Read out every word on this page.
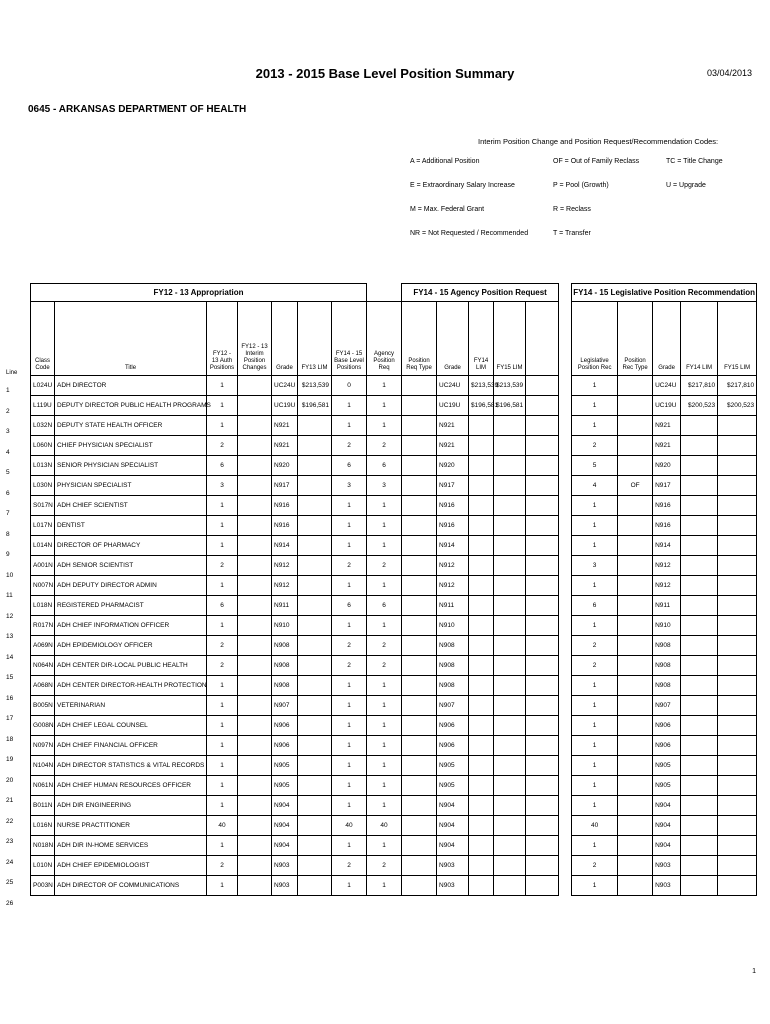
2013 - 2015 Base Level Position Summary	03/04/2013
0645 - ARKANSAS DEPARTMENT OF HEALTH
Interim Position Change and Position Request/Recommendation Codes:
A = Additional Position	OF = Out of Family Reclass	TC = Title Change
E = Extraordinary Salary Increase	P = Pool (Growth)	U = Upgrade
M = Max. Federal Grant	R = Reclass
NR = Not Requested / Recommended	T = Transfer
Line
FY12 - 13 Appropriation								FY14 - 15 Agency Position Request						FY14 - 15 Legislative Position Recommendation				
Class Code	Title	FY12 - 13 Auth Positions	FY12 - 13 Interim Position Changes	Grade	FY13 LIM	FY14 - 15 Base Level Positions	Agency Position Req	Position Req Type	Grade	FY14 LIM	FY15 LIM			Legislative Position Rec	Position Rec Type	Grade	FY14 LIM	FY15 LIM
L024U	ADH DIRECTOR	1		UC24U	$213,539	0	1		UC24U	$213,539	$213,539			1		UC24U	$217,810	$217,810
L119U	DEPUTY DIRECTOR PUBLIC HEALTH PROGRAMS	1		UC19U	$196,581	1	1		UC19U	$196,581	$196,581			1		UC19U	$200,523	$200,523
L032N	DEPUTY STATE HEALTH OFFICER	1		N921		1	1		N921					1		N921		
L060N	CHIEF PHYSICIAN SPECIALIST	2		N921		2	2		N921					2		N921		
L013N	SENIOR PHYSICIAN SPECIALIST	6		N920		6	6		N920					5		N920		
L030N	PHYSICIAN SPECIALIST	3		N917		3	3		N917					4	OF	N917		
S017N	ADH CHIEF SCIENTIST	1		N916		1	1		N916					1		N916		
L017N	DENTIST	1		N916		1	1		N916					1		N916		
L014N	DIRECTOR OF PHARMACY	1		N914		1	1		N914					1		N914		
A001N	ADH SENIOR SCIENTIST	2		N912		2	2		N912					3		N912		
N007N	ADH DEPUTY DIRECTOR ADMIN	1		N912		1	1		N912					1		N912		
L018N	REGISTERED PHARMACIST	6		N911		6	6		N911					6		N911		
R017N	ADH CHIEF INFORMATION OFFICER	1		N910		1	1		N910					1		N910		
A069N	ADH EPIDEMIOLOGY OFFICER	2		N908		2	2		N908					2		N908		
N064N	ADH CENTER DIR-LOCAL PUBLIC HEALTH	2		N908		2	2		N908					2		N908		
A068N	ADH CENTER DIRECTOR-HEALTH PROTECTION	1		N908		1	1		N908					1		N908		
B005N	VETERINARIAN	1		N907		1	1		N907					1		N907		
G008N	ADH CHIEF LEGAL COUNSEL	1		N906		1	1		N906					1		N906		
N097N	ADH CHIEF FINANCIAL OFFICER	1		N906		1	1		N906					1		N906		
N104N	ADH DIRECTOR STATISTICS & VITAL RECORDS	1		N905		1	1		N905					1		N905		
N061N	ADH CHIEF HUMAN RESOURCES OFFICER	1		N905		1	1		N905					1		N905		
B011N	ADH DIR ENGINEERING	1		N904		1	1		N904					1		N904		
L016N	NURSE PRACTITIONER	40		N904		40	40		N904					40		N904		
N018N	ADH DIR IN-HOME SERVICES	1		N904		1	1		N904					1		N904		
L010N	ADH CHIEF EPIDEMIOLOGIST	2		N903		2	2		N903					2		N903		
P003N	ADH DIRECTOR OF COMMUNICATIONS	1		N903		1	1		N903					1		N903		
1
1
2
3
4
5
6
7
8
9
10
11
12
13
14
15
16
17
18
19
20
21
22
23
24
25
26
